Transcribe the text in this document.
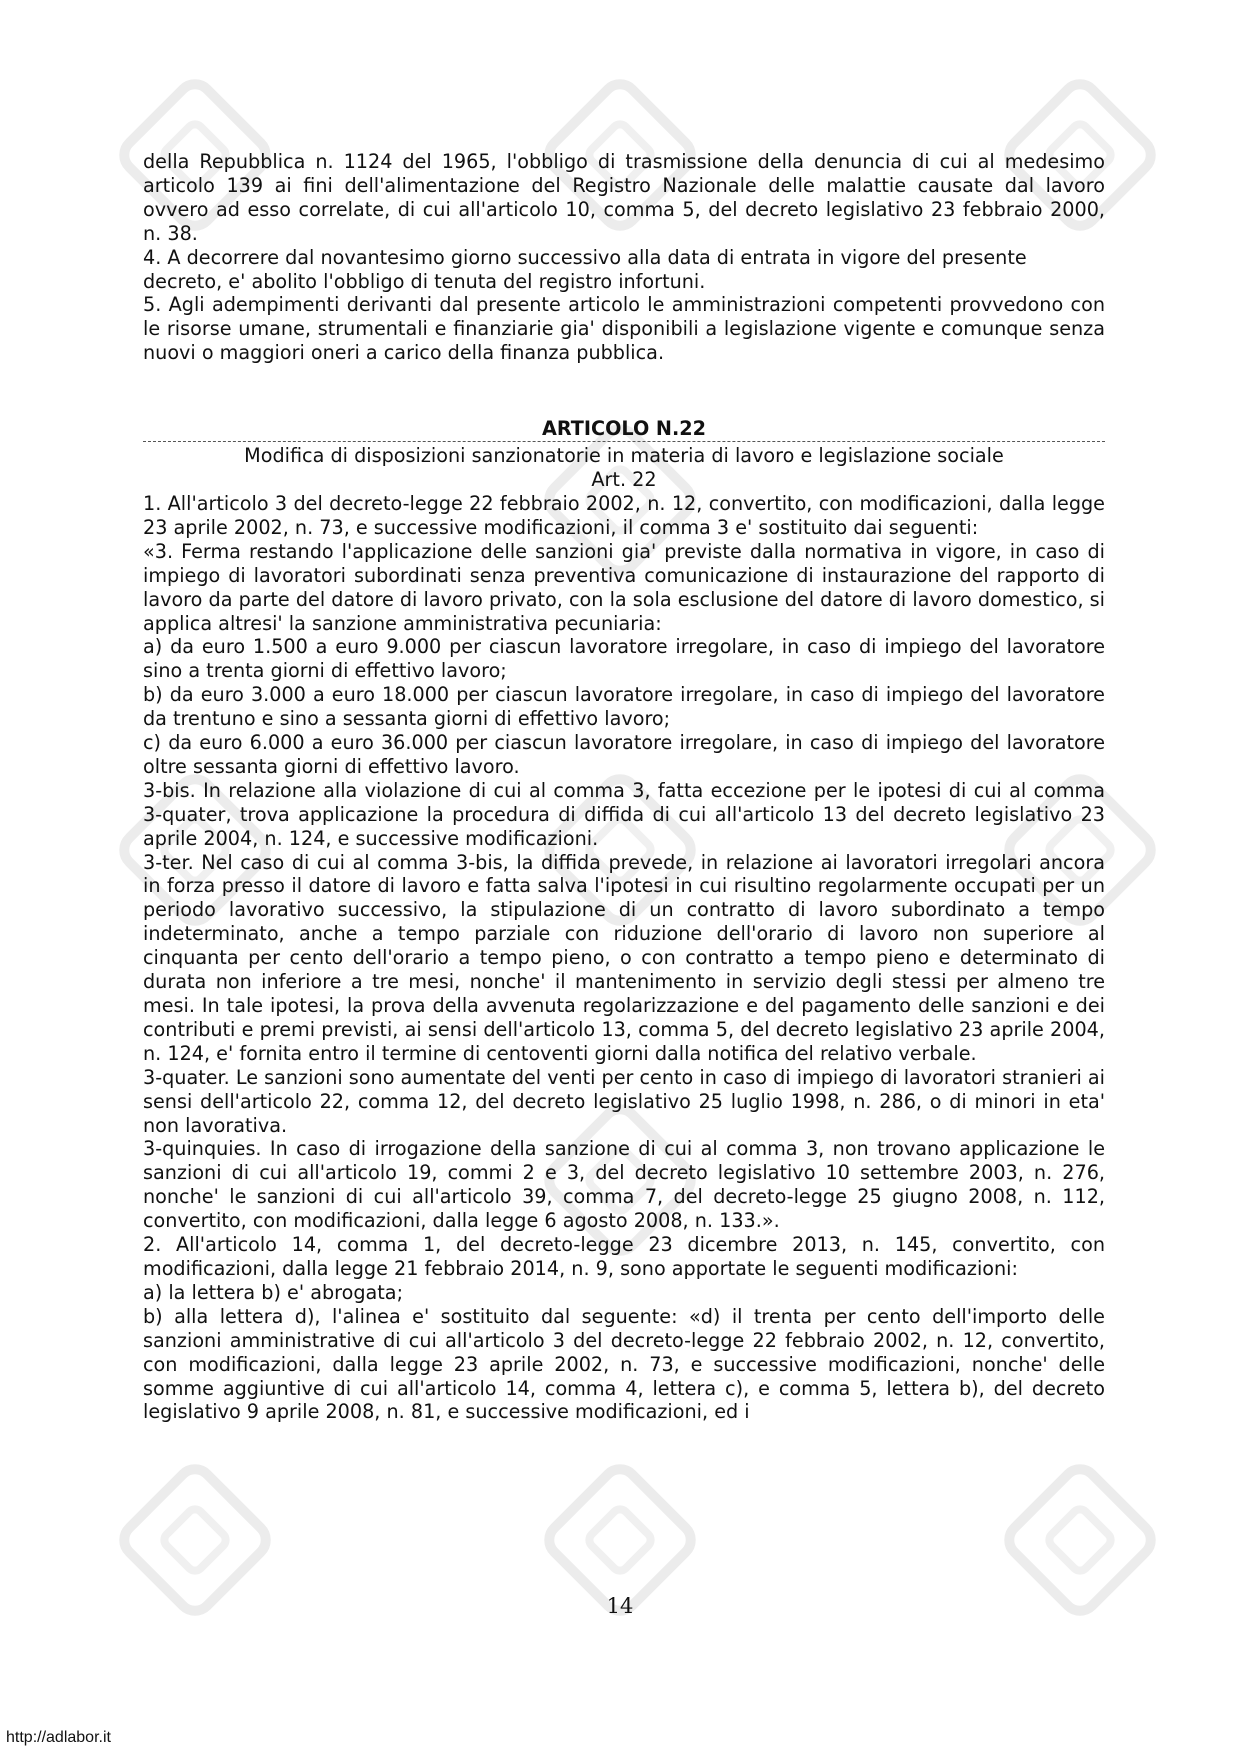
della Repubblica n. 1124 del 1965, l'obbligo di trasmissione della denuncia di cui al medesimo articolo 139 ai fini dell'alimentazione del Registro Nazionale delle malattie causate dal lavoro ovvero ad esso correlate, di cui all'articolo 10, comma 5, del decreto legislativo 23 febbraio 2000, n. 38.

4. A decorrere dal novantesimo giorno successivo alla data di entrata in vigore del presente decreto, e' abolito l'obbligo di tenuta del registro infortuni.

5. Agli adempimenti derivanti dal presente articolo le amministrazioni competenti provvedono con le risorse umane, strumentali e finanziarie gia' disponibili a legislazione vigente e comunque senza nuovi o maggiori oneri a carico della finanza pubblica.

ARTICOLO N.22

Modifica di disposizioni sanzionatorie in materia di lavoro e legislazione sociale

Art. 22

1. All'articolo 3 del decreto-legge 22 febbraio 2002, n. 12, convertito, con modificazioni, dalla legge 23 aprile 2002, n. 73, e successive modificazioni, il comma 3 e' sostituito dai seguenti:

«3. Ferma restando l'applicazione delle sanzioni gia' previste dalla normativa in vigore, in caso di impiego di lavoratori subordinati senza preventiva comunicazione di instaurazione del rapporto di lavoro da parte del datore di lavoro privato, con la sola esclusione del datore di lavoro domestico, si applica altresi' la sanzione amministrativa pecuniaria:

a) da euro 1.500 a euro 9.000 per ciascun lavoratore irregolare, in caso di impiego del lavoratore sino a trenta giorni di effettivo lavoro;

b) da euro 3.000 a euro 18.000 per ciascun lavoratore irregolare, in caso di impiego del lavoratore da trentuno e sino a sessanta giorni di effettivo lavoro;

c) da euro 6.000 a euro 36.000 per ciascun lavoratore irregolare, in caso di impiego del lavoratore oltre sessanta giorni di effettivo lavoro.

3-bis. In relazione alla violazione di cui al comma 3, fatta eccezione per le ipotesi di cui al comma 3-quater, trova applicazione la procedura di diffida di cui all'articolo 13 del decreto legislativo 23 aprile 2004, n. 124, e successive modificazioni.

3-ter. Nel caso di cui al comma 3-bis, la diffida prevede, in relazione ai lavoratori irregolari ancora in forza presso il datore di lavoro e fatta salva l'ipotesi in cui risultino regolarmente occupati per un periodo lavorativo successivo, la stipulazione di un contratto di lavoro subordinato a tempo indeterminato, anche a tempo parziale con riduzione dell'orario di lavoro non superiore al cinquanta per cento dell'orario a tempo pieno, o con contratto a tempo pieno e determinato di durata non inferiore a tre mesi, nonche' il mantenimento in servizio degli stessi per almeno tre mesi. In tale ipotesi, la prova della avvenuta regolarizzazione e del pagamento delle sanzioni e dei contributi e premi previsti, ai sensi dell'articolo 13, comma 5, del decreto legislativo 23 aprile 2004, n. 124, e' fornita entro il termine di centoventi giorni dalla notifica del relativo verbale.

3-quater. Le sanzioni sono aumentate del venti per cento in caso di impiego di lavoratori stranieri ai sensi dell'articolo 22, comma 12, del decreto legislativo 25 luglio 1998, n. 286, o di minori in eta' non lavorativa.

3-quinquies. In caso di irrogazione della sanzione di cui al comma 3, non trovano applicazione le sanzioni di cui all'articolo 19, commi 2 e 3, del decreto legislativo 10 settembre 2003, n. 276, nonche' le sanzioni di cui all'articolo 39, comma 7, del decreto-legge 25 giugno 2008, n. 112, convertito, con modificazioni, dalla legge 6 agosto 2008, n. 133.».

2. All'articolo 14, comma 1, del decreto-legge 23 dicembre 2013, n. 145, convertito, con modificazioni, dalla legge 21 febbraio 2014, n. 9, sono apportate le seguenti modificazioni:

a) la lettera b) e' abrogata;

b) alla lettera d), l'alinea e' sostituito dal seguente: «d) il trenta per cento dell'importo delle sanzioni amministrative di cui all'articolo 3 del decreto-legge 22 febbraio 2002, n. 12, convertito, con modificazioni, dalla legge 23 aprile 2002, n. 73, e successive modificazioni, nonche' delle somme aggiuntive di cui all'articolo 14, comma 4, lettera c), e comma 5, lettera b), del decreto legislativo 9 aprile 2008, n. 81, e successive modificazioni, ed i

14
http://adlabor.it
